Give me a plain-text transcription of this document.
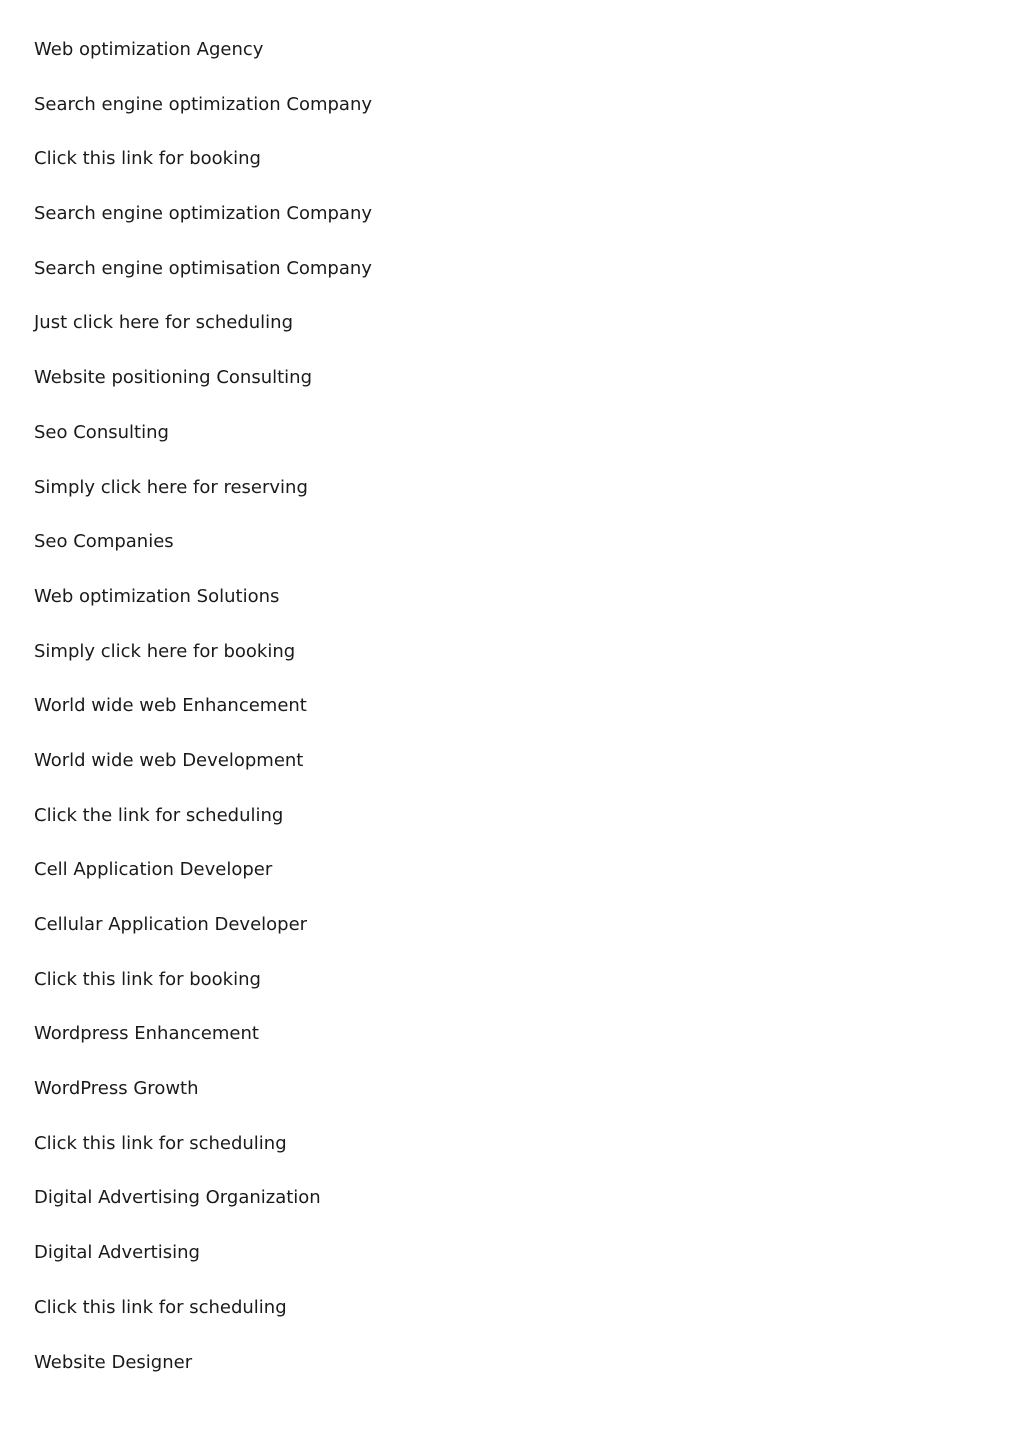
Web optimization Agency
Search engine optimization Company
Click this link for booking
Search engine optimization Company
Search engine optimisation Company
Just click here for scheduling
Website positioning Consulting
Seo Consulting
Simply click here for reserving
Seo Companies
Web optimization Solutions
Simply click here for booking
World wide web Enhancement
World wide web Development
Click the link for scheduling
Cell Application Developer
Cellular Application Developer
Click this link for booking
Wordpress Enhancement
WordPress Growth
Click this link for scheduling
Digital Advertising Organization
Digital Advertising
Click this link for scheduling
Website Designer
